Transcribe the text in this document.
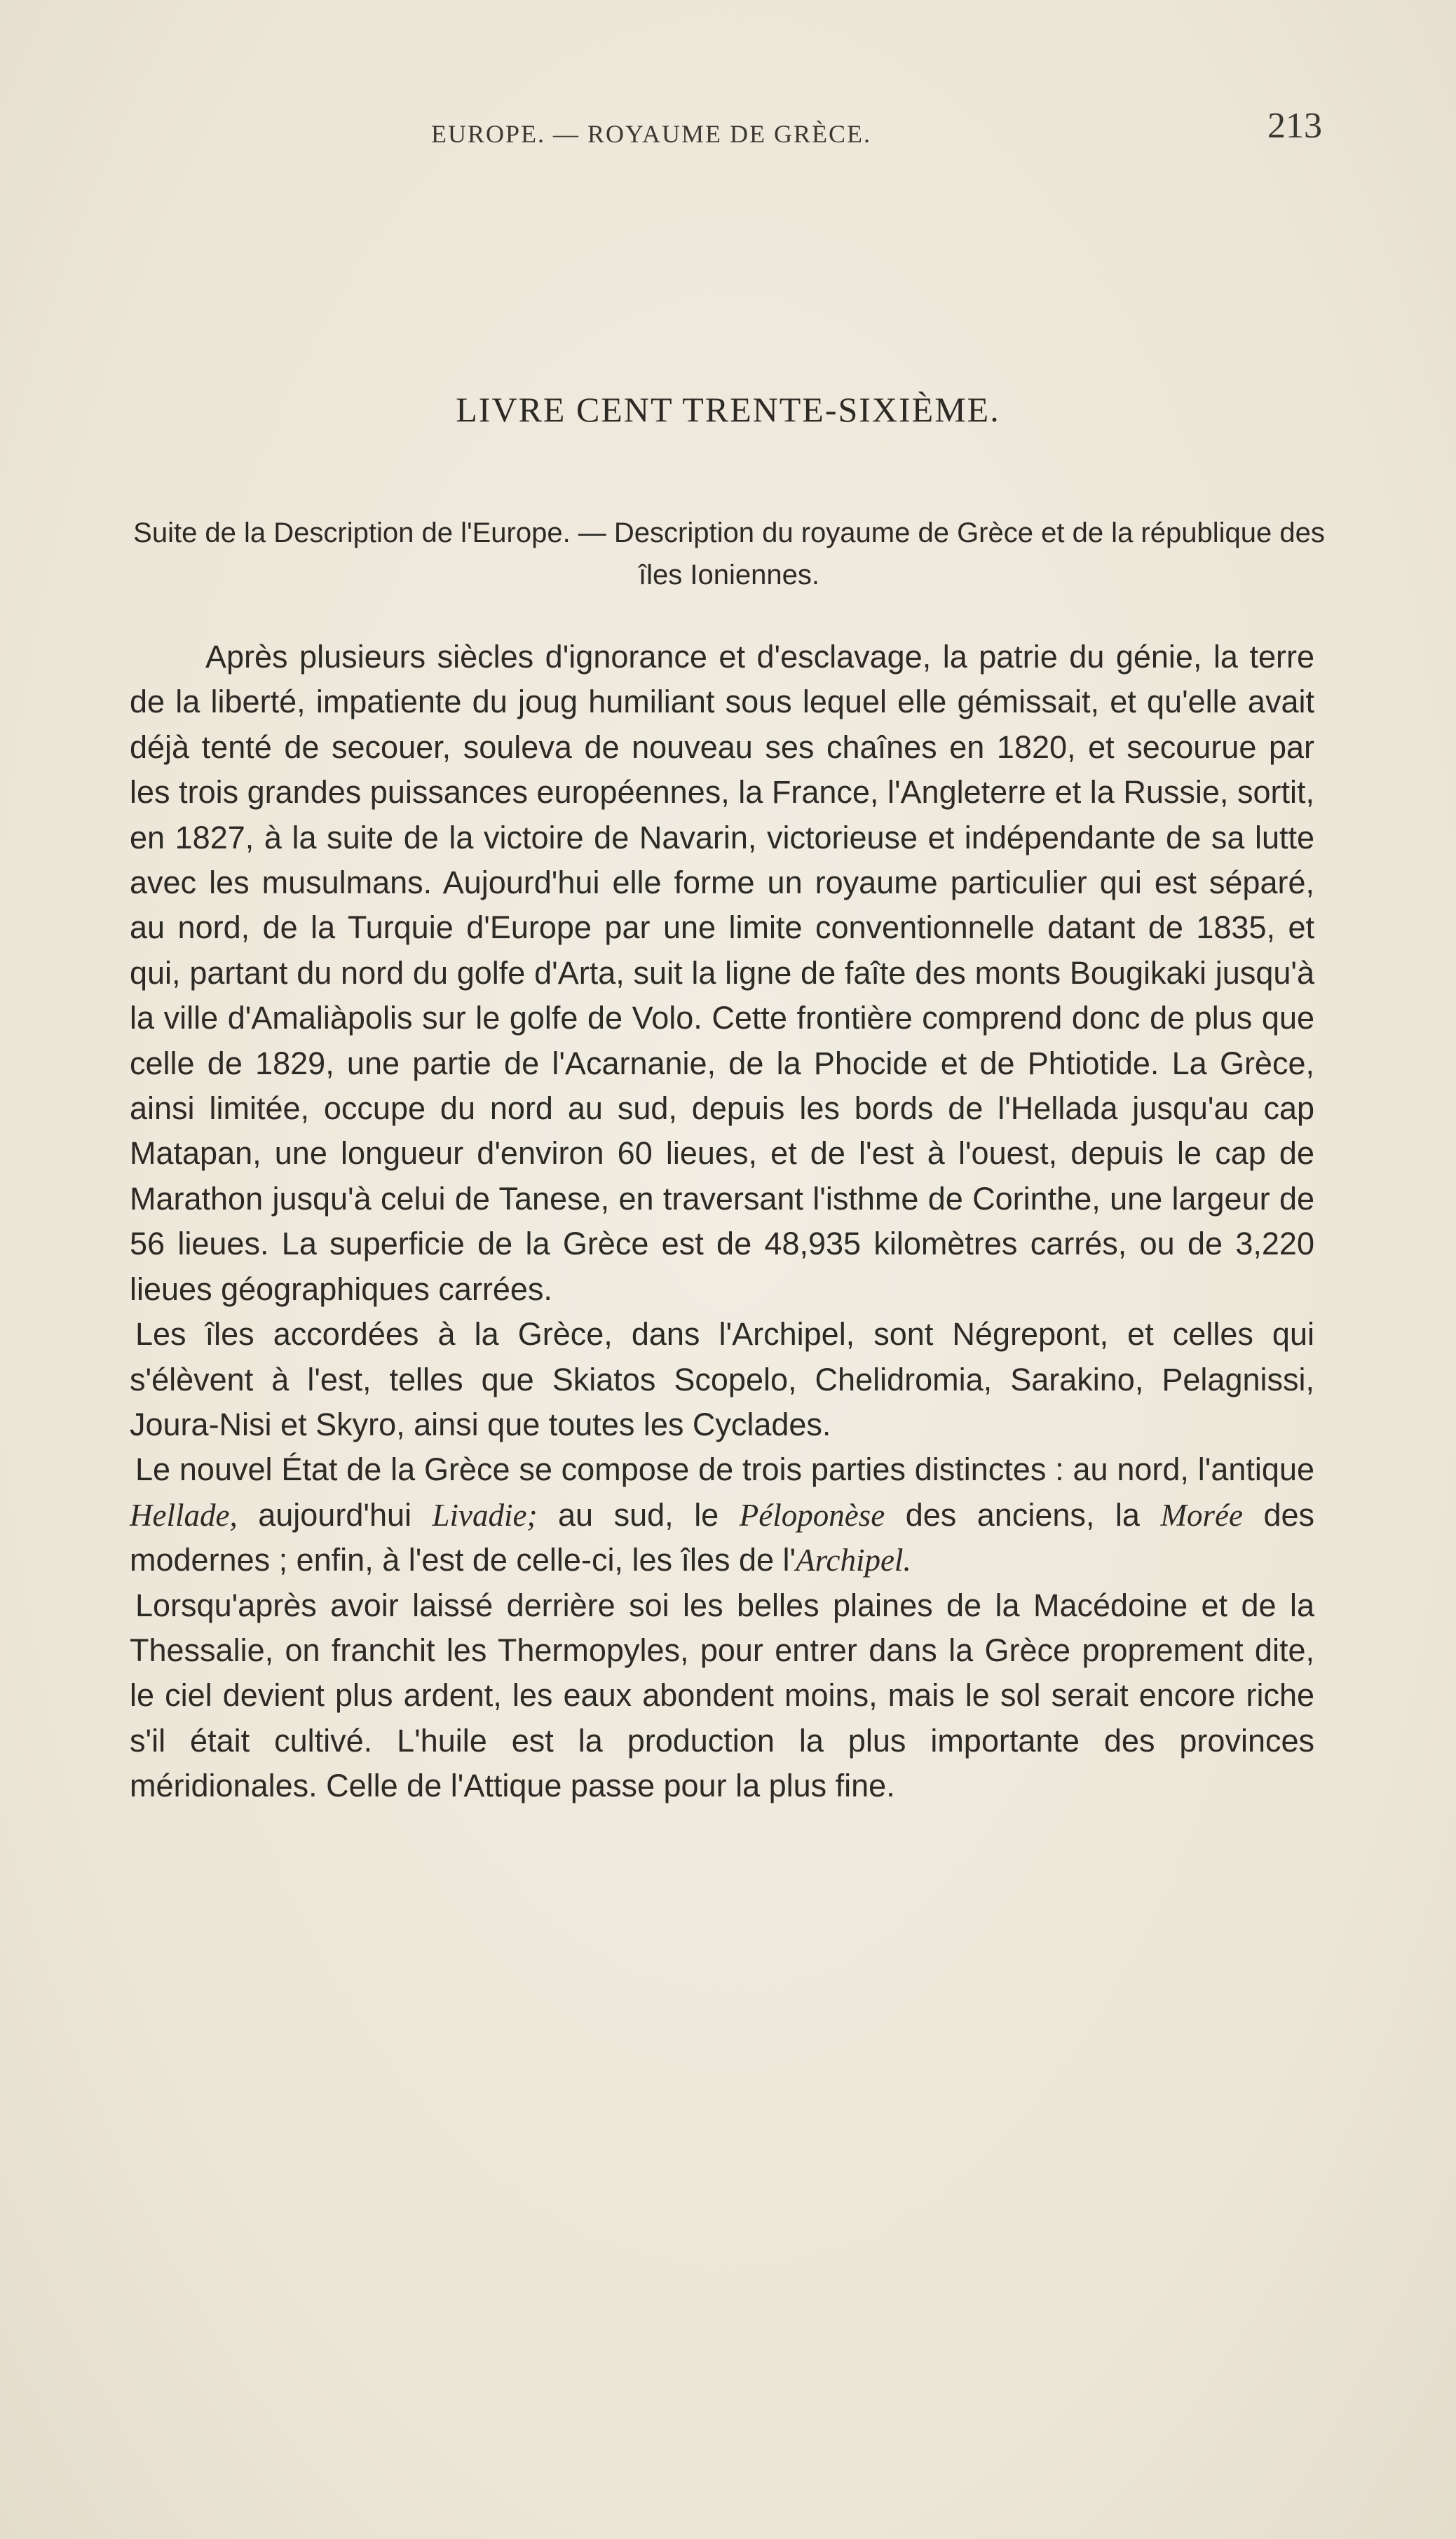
EUROPE. — ROYAUME DE GRÈCE.	213
LIVRE CENT TRENTE-SIXIÈME.
Suite de la Description de l'Europe. — Description du royaume de Grèce et de la république des îles Ioniennes.

Après plusieurs siècles d'ignorance et d'esclavage, la patrie du génie, la terre de la liberté, impatiente du joug humiliant sous lequel elle gémissait, et qu'elle avait déjà tenté de secouer, souleva de nouveau ses chaînes en 1820, et secourue par les trois grandes puissances européennes, la France, l'Angleterre et la Russie, sortit, en 1827, à la suite de la victoire de Navarin, victorieuse et indépendante de sa lutte avec les musulmans. Aujourd'hui elle forme un royaume particulier qui est séparé, au nord, de la Turquie d'Europe par une limite conventionnelle datant de 1835, et qui, partant du nord du golfe d'Arta, suit la ligne de faîte des monts Bougikaki jusqu'à la ville d'Amaliàpolis sur le golfe de Volo. Cette frontière comprend donc de plus que celle de 1829, une partie de l'Acarnanie, de la Phocide et de Phtiotide. La Grèce, ainsi limitée, occupe du nord au sud, depuis les bords de l'Hellada jusqu'au cap Matapan, une longueur d'environ 60 lieues, et de l'est à l'ouest, depuis le cap de Marathon jusqu'à celui de Tanese, en traversant l'isthme de Corinthe, une largeur de 56 lieues. La superficie de la Grèce est de 48,935 kilomètres carrés, ou de 3,220 lieues géographiques carrées.

Les îles accordées à la Grèce, dans l'Archipel, sont Négrepont, et celles qui s'élèvent à l'est, telles que Skiatos Scopelo, Chelidromia, Sarakino, Pelagnissi, Joura-Nisi et Skyro, ainsi que toutes les Cyclades.

Le nouvel État de la Grèce se compose de trois parties distinctes : au nord, l'antique Hellade, aujourd'hui Livadie; au sud, le Péloponèse des anciens, la Morée des modernes ; enfin, à l'est de celle-ci, les îles de l'Archipel.

Lorsqu'après avoir laissé derrière soi les belles plaines de la Macédoine et de la Thessalie, on franchit les Thermopyles, pour entrer dans la Grèce proprement dite, le ciel devient plus ardent, les eaux abondent moins, mais le sol serait encore riche s'il était cultivé. L'huile est la production la plus importante des provinces méridionales. Celle de l'Attique passe pour la plus fine.
